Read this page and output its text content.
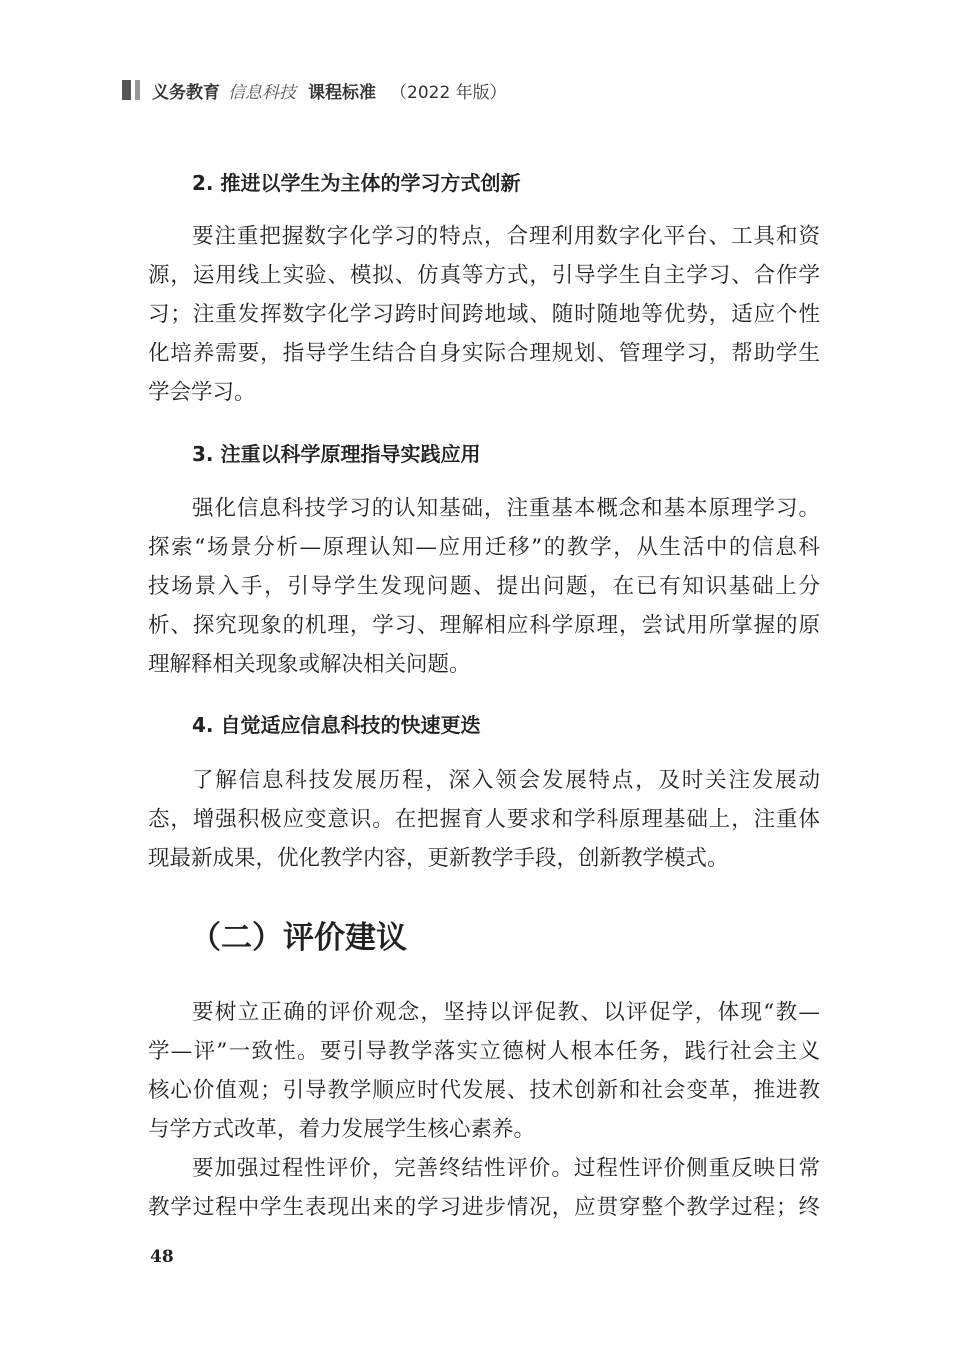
义务教育 信息科技 课程标准 （2022 年版）
2. 推进以学生为主体的学习方式创新
要注重把握数字化学习的特点，合理利用数字化平台、工具和资
源，运用线上实验、模拟、仿真等方式，引导学生自主学习、合作学
习；注重发挥数字化学习跨时间跨地域、随时随地等优势，适应个性
化培养需要，指导学生结合自身实际合理规划、管理学习，帮助学生
学会学习。
3. 注重以科学原理指导实践应用
强化信息科技学习的认知基础，注重基本概念和基本原理学习。
探索“场景分析—原理认知—应用迁移”的教学，从生活中的信息科
技场景入手，引导学生发现问题、提出问题，在已有知识基础上分
析、探究现象的机理，学习、理解相应科学原理，尝试用所掌握的原
理解释相关现象或解决相关问题。
4. 自觉适应信息科技的快速更迭
了解信息科技发展历程，深入领会发展特点，及时关注发展动
态，增强积极应变意识。在把握育人要求和学科原理基础上，注重体
现最新成果，优化教学内容，更新教学手段，创新教学模式。
（二）评价建议
要树立正确的评价观念，坚持以评促教、以评促学，体现“教—
学—评”一致性。要引导教学落实立德树人根本任务，践行社会主义
核心价值观；引导教学顺应时代发展、技术创新和社会变革，推进教
与学方式改革，着力发展学生核心素养。
要加强过程性评价，完善终结性评价。过程性评价侧重反映日常
教学过程中学生表现出来的学习进步情况，应贯穿整个教学过程；终
48
